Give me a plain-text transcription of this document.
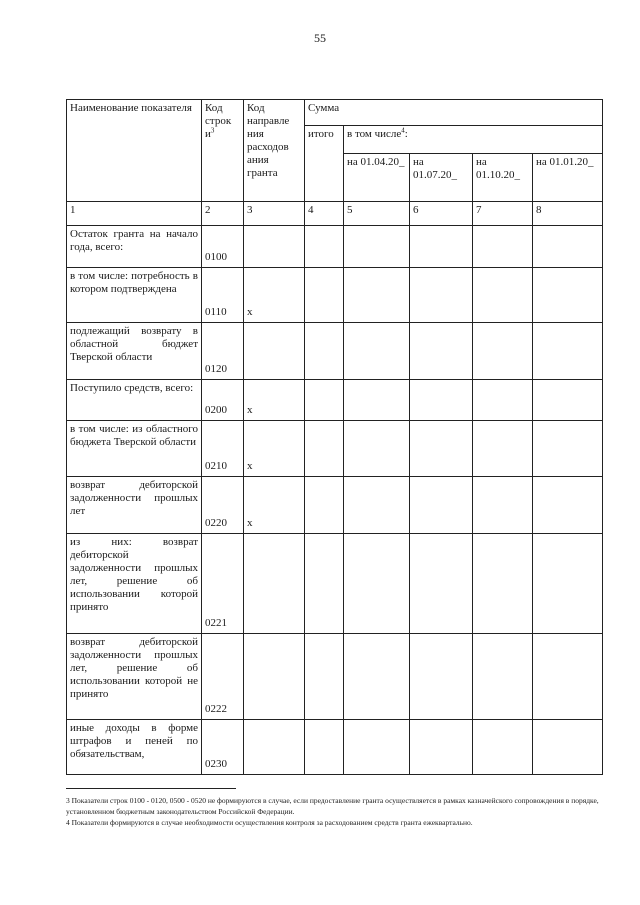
55
Наименование показателя	Код строк $и^3$	Код направле ния расходов ания гранта	Сумма				
			итого	в том числе$^4$:			
				на 01.04.20_	на 01.07.20_	на 01.10.20_	на 01.01.20_
1	2	3	4	5	6	7	8
Остаток гранта на начало года, всего:	0100						
в том числе: потребность в котором подтверждена	0110	x					
подлежащий возврату в областной бюджет Тверской области	0120						
Поступило средств, всего:	0200	x					
в том числе: из областного бюджета Тверской области	0210	x					
возврат дебиторской задолженности прошлых лет	0220	x					
из них: возврат дебиторской задолженности прошлых лет, решение об использовании которой принято	0221						
возврат дебиторской задолженности прошлых лет, решение об использовании которой не принято	0222						
иные доходы в форме штрафов и пеней по обязательствам,	0230						

3 Показатели строк 0100 - 0120, 0500 - 0520 не формируются в случае, если предоставление гранта осуществляется в рамках казначейского сопровождения в порядке, установленном бюджетным законодательством Российской Федерации.

4 Показатели формируются в случае необходимости осуществления контроля за расходованием средств гранта ежеквартально.
